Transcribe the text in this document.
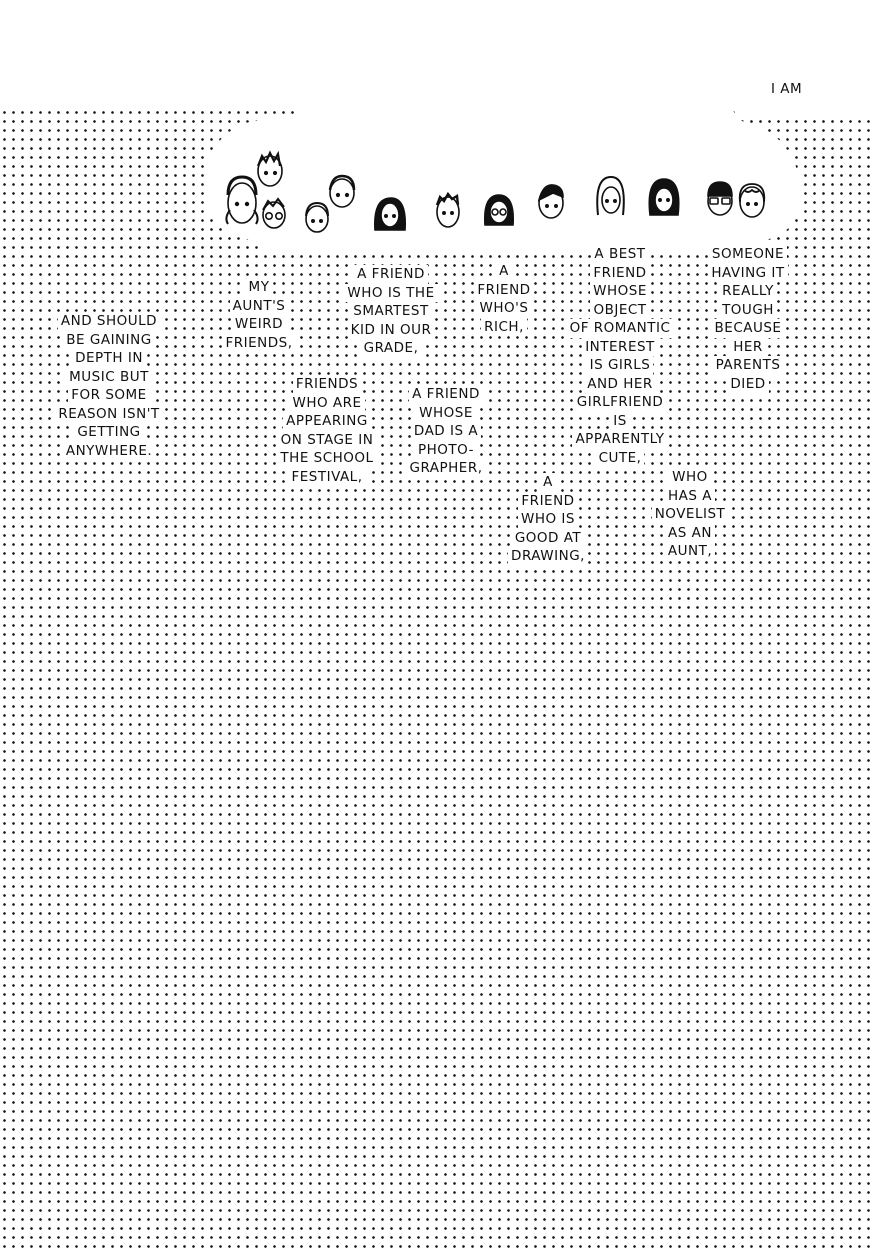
I AM
MY
AUNT'S
WEIRD
FRIENDS,
A FRIEND
WHO IS THE
SMARTEST
KID IN OUR
GRADE,
A
FRIEND
WHO'S
RICH,
A BEST
FRIEND
WHOSE
OBJECT
OF ROMANTIC
INTEREST
IS GIRLS
AND HER
GIRLFRIEND
IS
APPARENTLY
CUTE,
SOMEONE
HAVING IT
REALLY
TOUGH
BECAUSE
HER
PARENTS
DIED
AND SHOULD
BE GAINING
DEPTH IN
MUSIC BUT
FOR SOME
REASON ISN'T
GETTING
ANYWHERE.
FRIENDS
WHO ARE
APPEARING
ON STAGE IN
THE SCHOOL
FESTIVAL,
A FRIEND
WHOSE
DAD IS A
PHOTO-
GRAPHER,
A
FRIEND
WHO IS
GOOD AT
DRAWING,
WHO
HAS A
NOVELIST
AS AN
AUNT,
